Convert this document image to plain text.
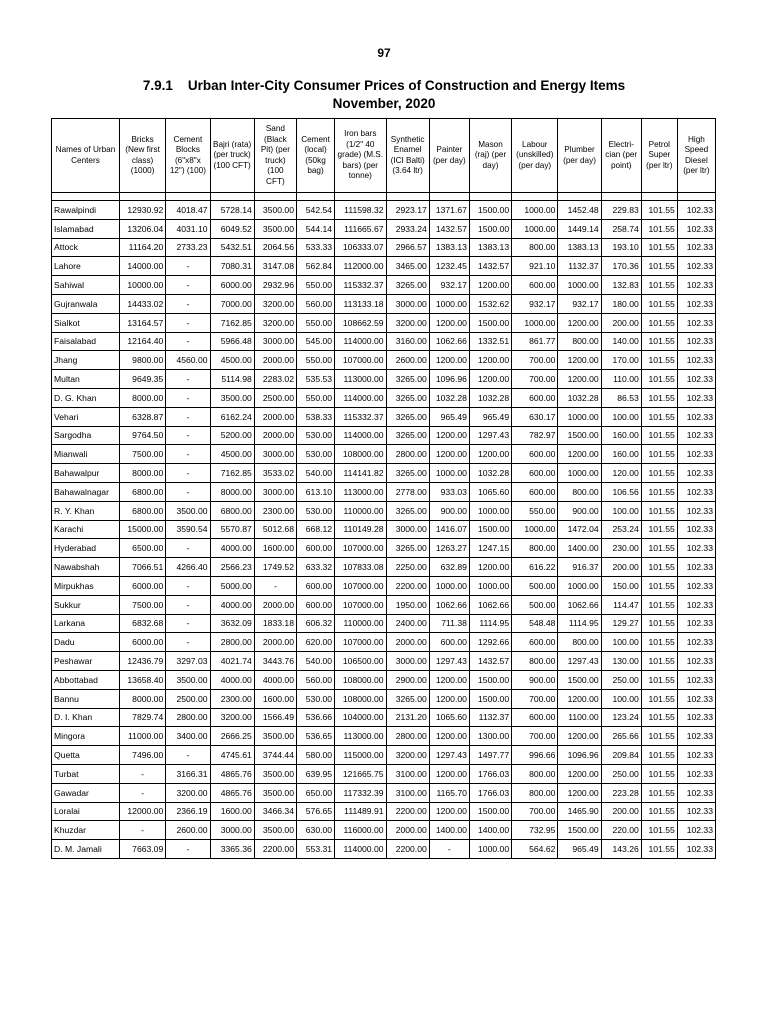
97
7.9.1    Urban Inter-City Consumer Prices of Construction and Energy Items
November, 2020
Names of Urban Centers	Bricks (New first class) (1000)	Cement Blocks (6"x8"x 12") (100)	Bajri (rata) (per truck) (100 CFT)	Sand (Black Pit) (per truck) (100 CFT)	Cement (local) (50kg bag)	Iron bars (1/2" 40 grade) (M.S. bars) (per tonne)	Synthetic Enamel (ICI Balti) (3.64 ltr)	Painter (per day)	Mason (raj) (per day)	Labour (unskilled) (per day)	Plumber (per day)	Electri- cian (per point)	Petrol Super (per ltr)	High Speed Diesel (per ltr)

Rawalpindi	12930.92	4018.47	5728.14	3500.00	542.54	111598.32	2923.17	1371.67	1500.00	1000.00	1452.48	229.83	101.55	102.33
Islamabad	13206.04	4031.10	6049.52	3500.00	544.14	111665.67	2933.24	1432.57	1500.00	1000.00	1449.14	258.74	101.55	102.33
Attock	11164.20	2733.23	5432.51	2064.56	533.33	106333.07	2966.57	1383.13	1383.13	800.00	1383.13	193.10	101.55	102.33
Lahore	14000.00	-	7080.31	3147.08	562.84	112000.00	3465.00	1232.45	1432.57	921.10	1132.37	170.36	101.55	102.33
Sahiwal	10000.00	-	6000.00	2932.96	550.00	115332.37	3265.00	932.17	1200.00	600.00	1000.00	132.83	101.55	102.33
Gujranwala	14433.02	-	7000.00	3200.00	560.00	113133.18	3000.00	1000.00	1532.62	932.17	932.17	180.00	101.55	102.33
Sialkot	13164.57	-	7162.85	3200.00	550.00	108662.59	3200.00	1200.00	1500.00	1000.00	1200.00	200.00	101.55	102.33
Faisalabad	12164.40	-	5966.48	3000.00	545.00	114000.00	3160.00	1062.66	1332.51	861.77	800.00	140.00	101.55	102.33
Jhang	9800.00	4560.00	4500.00	2000.00	550.00	107000.00	2600.00	1200.00	1200.00	700.00	1200.00	170.00	101.55	102.33
Multan	9649.35	-	5114.98	2283.02	535.53	113000.00	3265.00	1096.96	1200.00	700.00	1200.00	110.00	101.55	102.33
D. G. Khan	8000.00	-	3500.00	2500.00	550.00	114000.00	3265.00	1032.28	1032.28	600.00	1032.28	86.53	101.55	102.33
Vehari	6328.87	-	6162.24	2000.00	538.33	115332.37	3265.00	965.49	965.49	630.17	1000.00	100.00	101.55	102.33
Sargodha	9764.50	-	5200.00	2000.00	530.00	114000.00	3265.00	1200.00	1297.43	782.97	1500.00	160.00	101.55	102.33
Mianwali	7500.00	-	4500.00	3000.00	530.00	108000.00	2800.00	1200.00	1200.00	600.00	1200.00	160.00	101.55	102.33
Bahawalpur	8000.00	-	7162.85	3533.02	540.00	114141.82	3265.00	1000.00	1032.28	600.00	1000.00	120.00	101.55	102.33
Bahawalnagar	6800.00	-	8000.00	3000.00	613.10	113000.00	2778.00	933.03	1065.60	600.00	800.00	106.56	101.55	102.33
R. Y. Khan	6800.00	3500.00	6800.00	2300.00	530.00	110000.00	3265.00	900.00	1000.00	550.00	900.00	100.00	101.55	102.33
Karachi	15000.00	3590.54	5570.87	5012.68	668.12	110149.28	3000.00	1416.07	1500.00	1000.00	1472.04	253.24	101.55	102.33
Hyderabad	6500.00	-	4000.00	1600.00	600.00	107000.00	3265.00	1263.27	1247.15	800.00	1400.00	230.00	101.55	102.33
Nawabshah	7066.51	4266.40	2566.23	1749.52	633.32	107833.08	2250.00	632.89	1200.00	616.22	916.37	200.00	101.55	102.33
Mirpukhas	6000.00	-	5000.00	-	600.00	107000.00	2200.00	1000.00	1000.00	500.00	1000.00	150.00	101.55	102.33
Sukkur	7500.00	-	4000.00	2000.00	600.00	107000.00	1950.00	1062.66	1062.66	500.00	1062.66	114.47	101.55	102.33
Larkana	6832.68	-	3632.09	1833.18	606.32	110000.00	2400.00	711.38	1114.95	548.48	1114.95	129.27	101.55	102.33
Dadu	6000.00	-	2800.00	2000.00	620.00	107000.00	2000.00	600.00	1292.66	600.00	800.00	100.00	101.55	102.33
Peshawar	12436.79	3297.03	4021.74	3443.76	540.00	106500.00	3000.00	1297.43	1432.57	800.00	1297.43	130.00	101.55	102.33
Abbottabad	13658.40	3500.00	4000.00	4000.00	560.00	108000.00	2900.00	1200.00	1500.00	900.00	1500.00	250.00	101.55	102.33
Bannu	8000.00	2500.00	2300.00	1600.00	530.00	108000.00	3265.00	1200.00	1500.00	700.00	1200.00	100.00	101.55	102.33
D. I. Khan	7829.74	2800.00	3200.00	1566.49	536.66	104000.00	2131.20	1065.60	1132.37	600.00	1100.00	123.24	101.55	102.33
Mingora	11000.00	3400.00	2666.25	3500.00	536.65	113000.00	2800.00	1200.00	1300.00	700.00	1200.00	265.66	101.55	102.33
Quetta	7496.00	-	4745.61	3744.44	580.00	115000.00	3200.00	1297.43	1497.77	996.66	1096.96	209.84	101.55	102.33
Turbat	-	3166.31	4865.76	3500.00	639.95	121665.75	3100.00	1200.00	1766.03	800.00	1200.00	250.00	101.55	102.33
Gawadar	-	3200.00	4865.76	3500.00	650.00	117332.39	3100.00	1165.70	1766.03	800.00	1200.00	223.28	101.55	102.33
Loralai	12000.00	2366.19	1600.00	3466.34	576.65	111489.91	2200.00	1200.00	1500.00	700.00	1465.90	200.00	101.55	102.33
Khuzdar	-	2600.00	3000.00	3500.00	630.00	116000.00	2000.00	1400.00	1400.00	732.95	1500.00	220.00	101.55	102.33
D. M. Jamali	7663.09	-	3365.36	2200.00	553.31	114000.00	2200.00	-	1000.00	564.62	965.49	143.26	101.55	102.33
